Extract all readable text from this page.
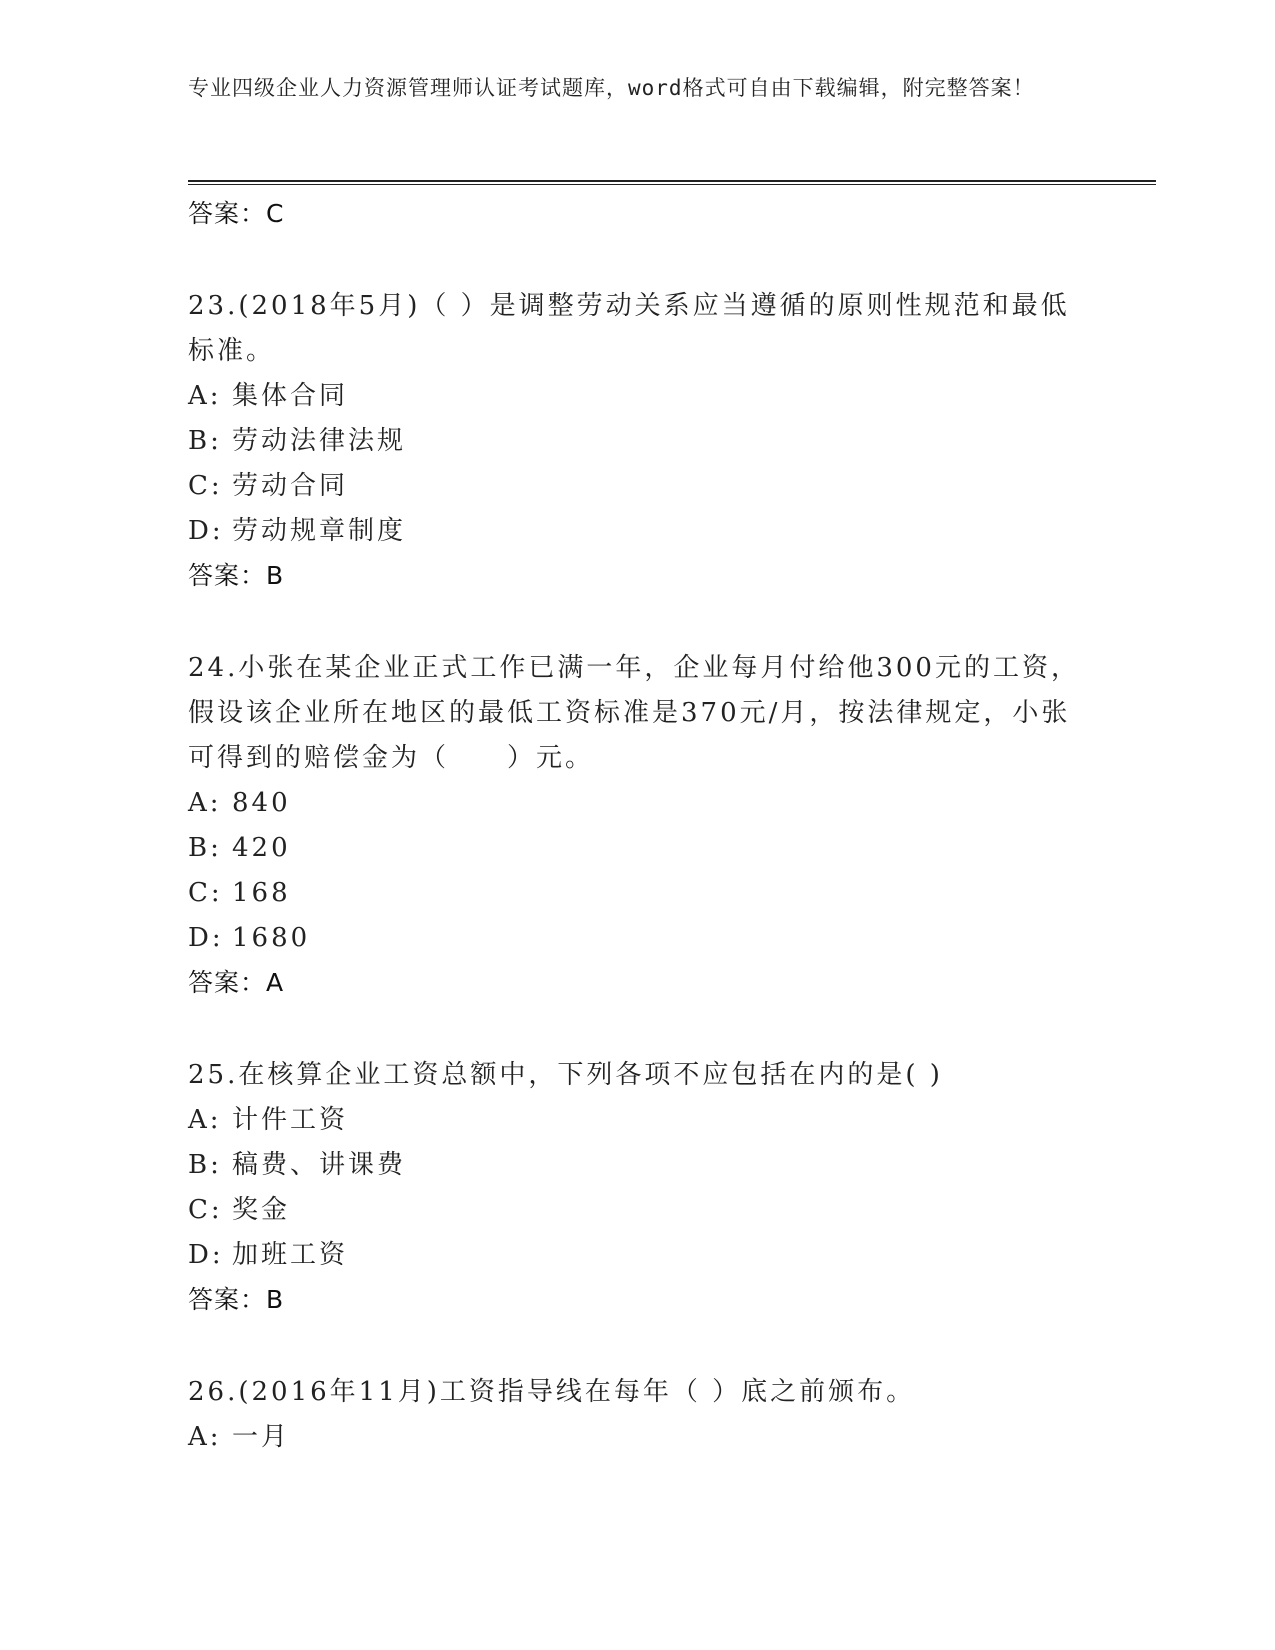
专业四级企业人力资源管理师认证考试题库，word格式可自由下载编辑，附完整答案！
答案：C

23.(2018年5月)（ ）是调整劳动关系应当遵循的原则性规范和最低标准。

A: 集体合同
B: 劳动法律法规
C: 劳动合同
D: 劳动规章制度
答案：B

24.小张在某企业正式工作已满一年，企业每月付给他300元的工资，假设该企业所在地区的最低工资标准是370元/月，按法律规定，小张可得到的赔偿金为（　　）元。

A: 840
B: 420
C: 168
D: 1680
答案：A

25.在核算企业工资总额中，下列各项不应包括在内的是( )

A: 计件工资
B: 稿费、讲课费
C: 奖金
D: 加班工资
答案：B

26.(2016年11月)工资指导线在每年（ ）底之前颁布。

A: 一月
